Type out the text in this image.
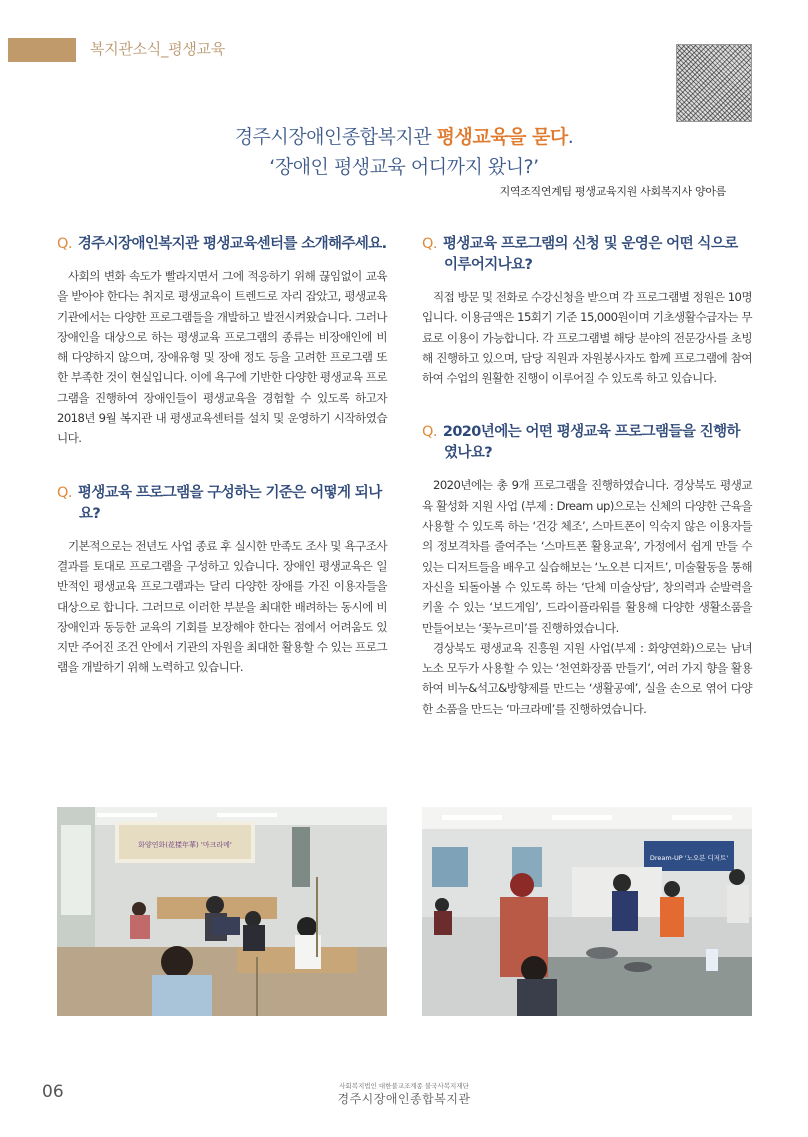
복지관소식_평생교육
경주시장애인종합복지관 평생교육을 묻다.
‘장애인 평생교육 어디까지 왔니?’
지역조직연계팀 평생교육지원 사회복지사 양아름
Q. 경주시장애인복지관 평생교육센터를 소개해주세요.

사회의 변화 속도가 빨라지면서 그에 적응하기 위해 끊임없이 교육을 받아야 한다는 취지로 평생교육이 트렌드로 자리 잡았고, 평생교육기관에서는 다양한 프로그램들을 개발하고 발전시켜왔습니다. 그러나 장애인을 대상으로 하는 평생교육 프로그램의 종류는 비장애인에 비해 다양하지 않으며, 장애유형 및 장애 정도 등을 고려한 프로그램 또한 부족한 것이 현실입니다. 이에 욕구에 기반한 다양한 평생교육 프로그램을 진행하여 장애인들이 평생교육을 경험할 수 있도록 하고자 2018년 9월 복지관 내 평생교육센터를 설치 및 운영하기 시작하였습니다.

Q. 평생교육 프로그램을 구성하는 기준은 어떻게 되나요?

기본적으로는 전년도 사업 종료 후 실시한 만족도 조사 및 욕구조사 결과를 토대로 프로그램을 구성하고 있습니다. 장애인 평생교육은 일반적인 평생교육 프로그램과는 달리 다양한 장애를 가진 이용자들을 대상으로 합니다. 그러므로 이러한 부분을 최대한 배려하는 동시에 비장애인과 동등한 교육의 기회를 보장해야 한다는 점에서 어려움도 있지만 주어진 조건 안에서 기관의 자원을 최대한 활용할 수 있는 프로그램을 개발하기 위해 노력하고 있습니다.

Q. 평생교육 프로그램의 신청 및 운영은 어떤 식으로 이루어지나요?

직접 방문 및 전화로 수강신청을 받으며 각 프로그램별 정원은 10명입니다. 이용금액은 15회기 기준 15,000원이며 기초생활수급자는 무료로 이용이 가능합니다. 각 프로그램별 해당 분야의 전문강사를 초빙해 진행하고 있으며, 담당 직원과 자원봉사자도 함께 프로그램에 참여하여 수업의 원활한 진행이 이루어질 수 있도록 하고 있습니다.

Q. 2020년에는 어떤 평생교육 프로그램들을 진행하였나요?

2020년에는 총 9개 프로그램을 진행하였습니다. 경상북도 평생교육 활성화 지원 사업 (부제 : Dream up)으로는 신체의 다양한 근육을 사용할 수 있도록 하는 ‘건강 체조’, 스마트폰이 익숙지 않은 이용자들의 정보격차를 줄여주는 ‘스마트폰 활용교육’, 가정에서 쉽게 만들 수 있는 디저트들을 배우고 실습해보는 ‘노오븐 디저트’, 미술활동을 통해 자신을 되돌아볼 수 있도록 하는 ‘단체 미술상담’, 창의력과 순발력을 키울 수 있는 ‘보드게임’, 드라이플라워를 활용해 다양한 생활소품을 만들어보는 ‘꽃누르미’를 진행하였습니다.

경상북도 평생교육 진흥원 지원 사업(부제 : 화양연화)으로는 남녀노소 모두가 사용할 수 있는 ‘천연화장품 만들기’, 여러 가지 향을 활용하여 비누&석고&방향제를 만드는 ‘생활공예’, 실을 손으로 엮어 다양한 소품을 만드는 ‘마크라메’를 진행하였습니다.

화양연화(花樣年華) '마크라메'
Dream-UP '노오븐 디저트'
06	사회복지법인 대한불교조계종 불국사복지재단
경주시장애인종합복지관
